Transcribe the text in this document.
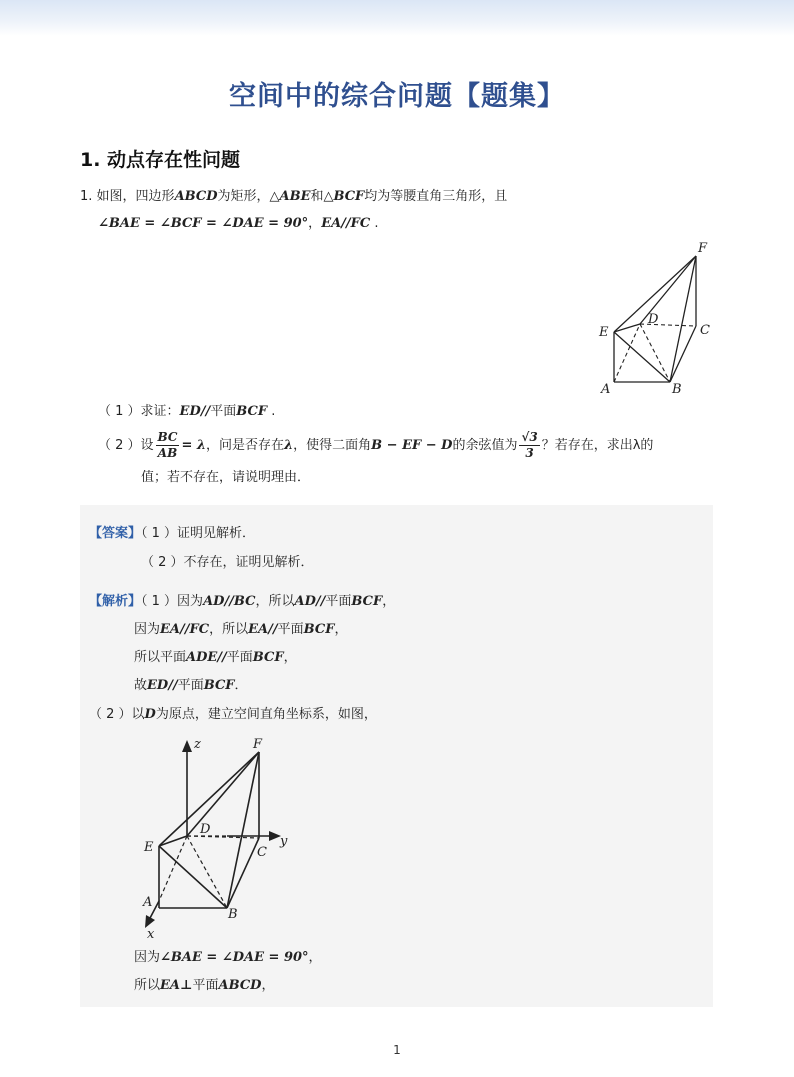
空间中的综合问题【题集】
1. 动点存在性问题
1. 如图，四边形ABCD为矩形，△ABE和△BCF均为等腰直角三角形，且
∠BAE = ∠BCF = ∠DAE = 90°，EA//FC .
A	B
C
D
E
F
（ 1 ）求证：ED//平面BCF .
（ 2 ）设 $\frac{BC}{AB} = \lambda$，问是否存在λ，使得二面角B − EF − D的余弦值为 $\frac{√3}{3}$ ？若存在，求出λ的
值；若不存在，请说明理由．
【答案】（ 1 ）证明见解析．
（ 2 ）不存在，证明见解析．
【解析】（ 1 ）因为AD//BC，所以AD//平面BCF，
因为EA//FC，所以EA//平面BCF，
所以平面ADE//平面BCF，
故ED//平面BCF．
（ 2 ）以D为原点，建立空间直角坐标系，如图，
z
y
x
A
B
C
D
E
F
因为∠BAE = ∠DAE = 90°，
所以EA⊥平面ABCD，
1
